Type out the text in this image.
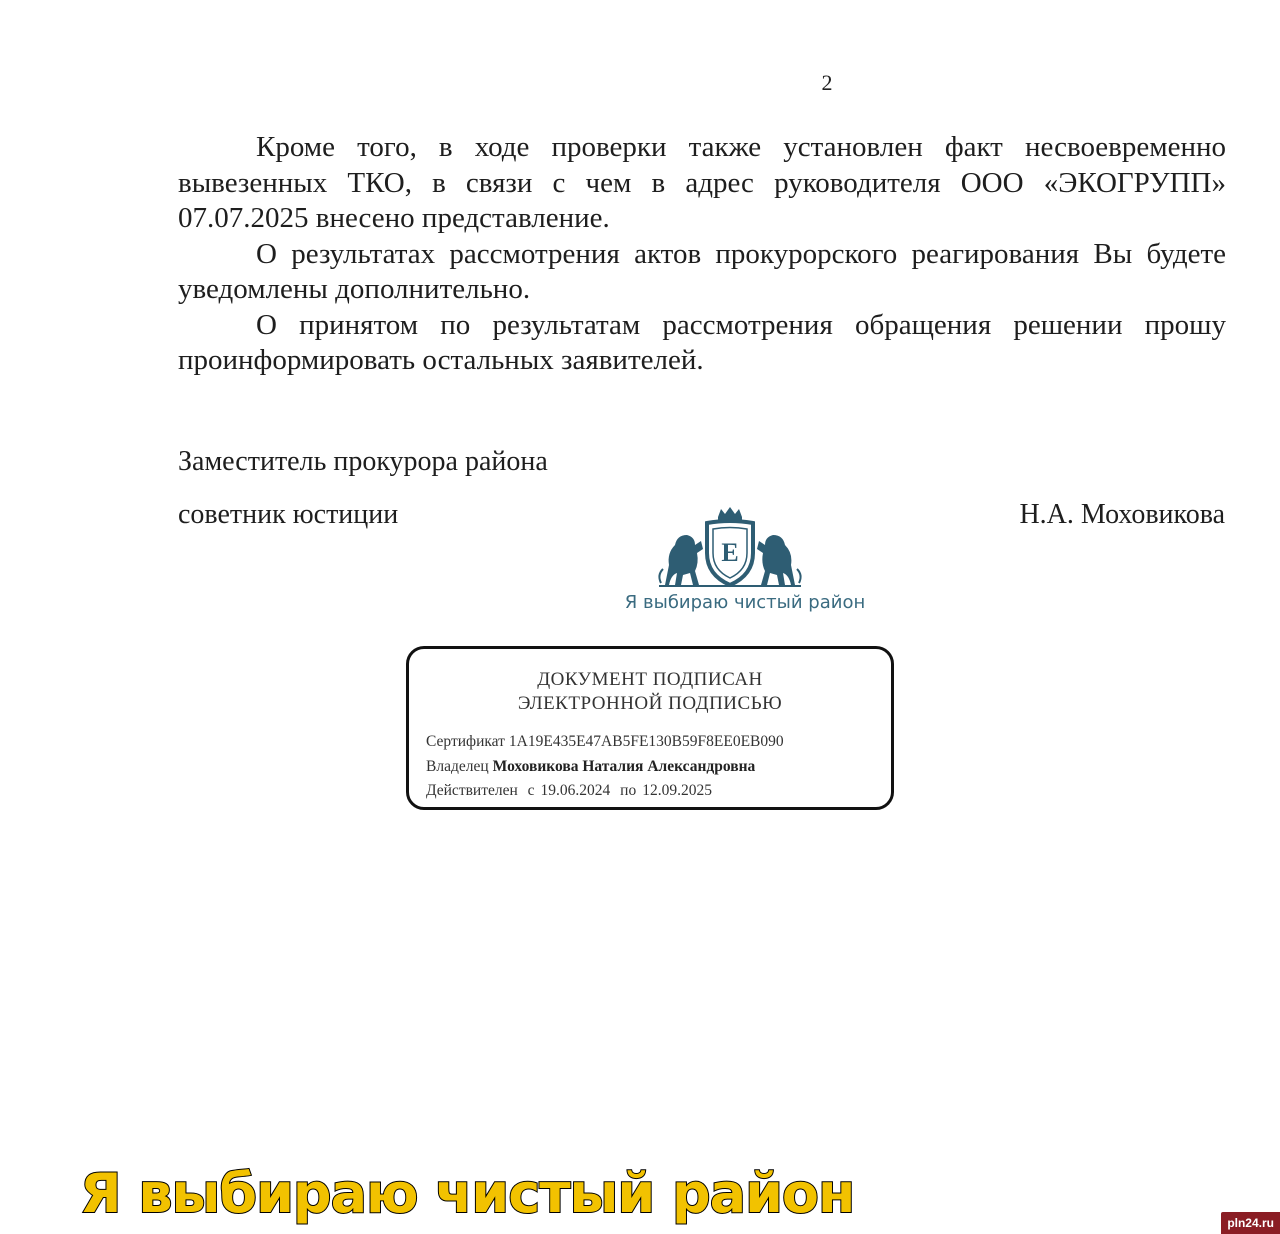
2

Кроме того, в ходе проверки также установлен факт несвоевременно вывезенных ТКО, в связи с чем в адрес руководителя ООО «ЭКОГРУПП» 07.07.2025 внесено представление.

О результатах рассмотрения актов прокурорского реагирования Вы будете уведомлены дополнительно.

О принятом по результатам рассмотрения обращения решении прошу проинформировать остальных заявителей.

Заместитель прокурора района
советник юстиции	Н.А. Моховикова
E
Я выбираю чистый район
ДОКУМЕНТ ПОДПИСАН
ЭЛЕКТРОННОЙ ПОДПИСЬЮ
Сертификат 1A19E435E47AB5FE130B59F8EE0EB090
Владелец Моховикова Наталия Александровна
Действителен с 19.06.2024 по 12.09.2025
Я выбираю чистый район	pln24.ru
